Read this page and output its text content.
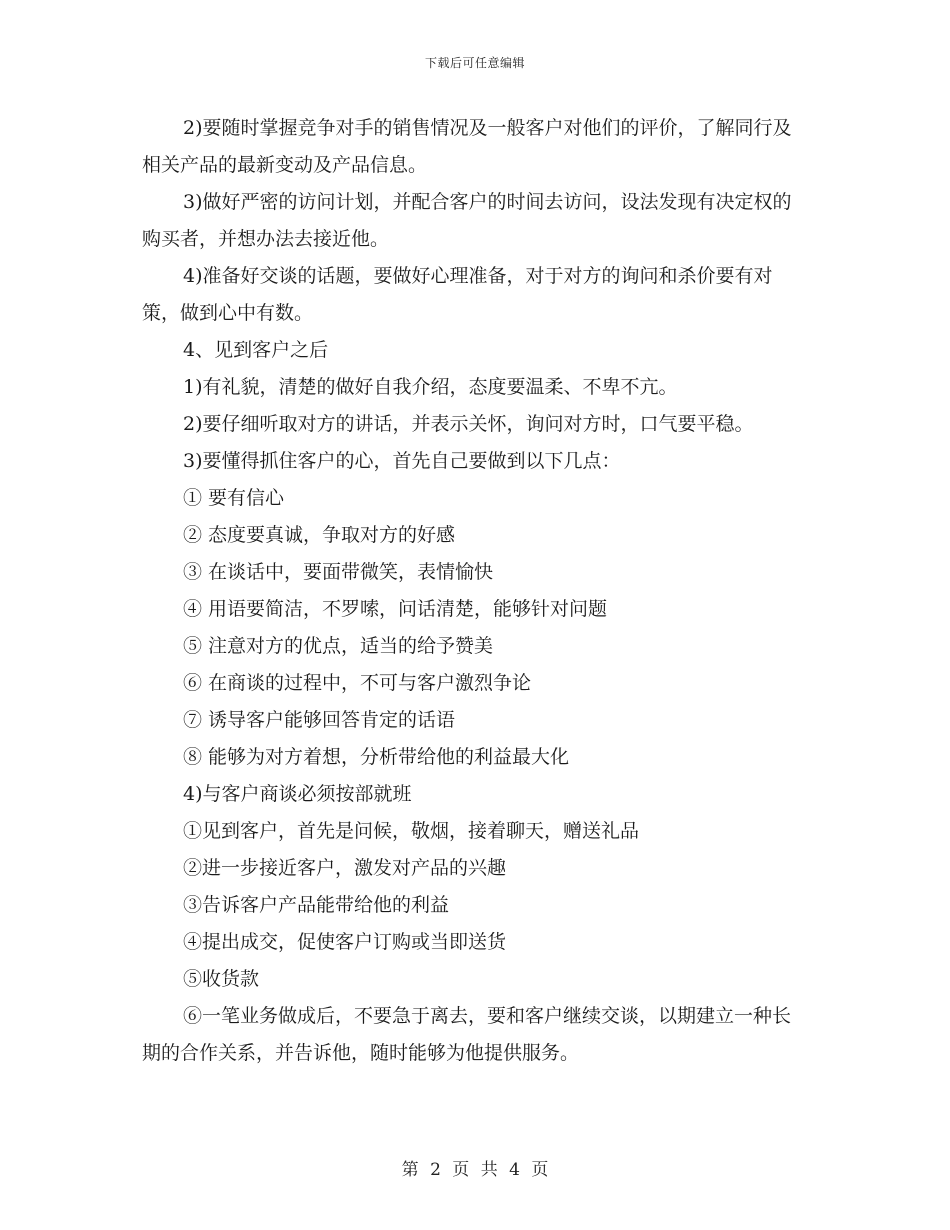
下载后可任意编辑

2)要随时掌握竞争对手的销售情况及一般客户对他们的评价，了解同行及相关产品的最新变动及产品信息。

3)做好严密的访问计划，并配合客户的时间去访问，设法发现有决定权的购买者，并想办法去接近他。

4)准备好交谈的话题，要做好心理准备，对于对方的询问和杀价要有对策，做到心中有数。

4、见到客户之后

1)有礼貌，清楚的做好自我介绍，态度要温柔、不卑不亢。

2)要仔细听取对方的讲话，并表示关怀，询问对方时，口气要平稳。

3)要懂得抓住客户的心，首先自己要做到以下几点：

① 要有信心

② 态度要真诚，争取对方的好感

③ 在谈话中，要面带微笑，表情愉快

④ 用语要简洁，不罗嗦，问话清楚，能够针对问题

⑤ 注意对方的优点，适当的给予赞美

⑥ 在商谈的过程中，不可与客户激烈争论

⑦ 诱导客户能够回答肯定的话语

⑧ 能够为对方着想，分析带给他的利益最大化

4)与客户商谈必须按部就班

①见到客户，首先是问候，敬烟，接着聊天，赠送礼品

②进一步接近客户，激发对产品的兴趣

③告诉客户产品能带给他的利益

④提出成交，促使客户订购或当即送货

⑤收货款

⑥一笔业务做成后，不要急于离去，要和客户继续交谈，以期建立一种长期的合作关系，并告诉他，随时能够为他提供服务。

第 2 页 共 4 页
